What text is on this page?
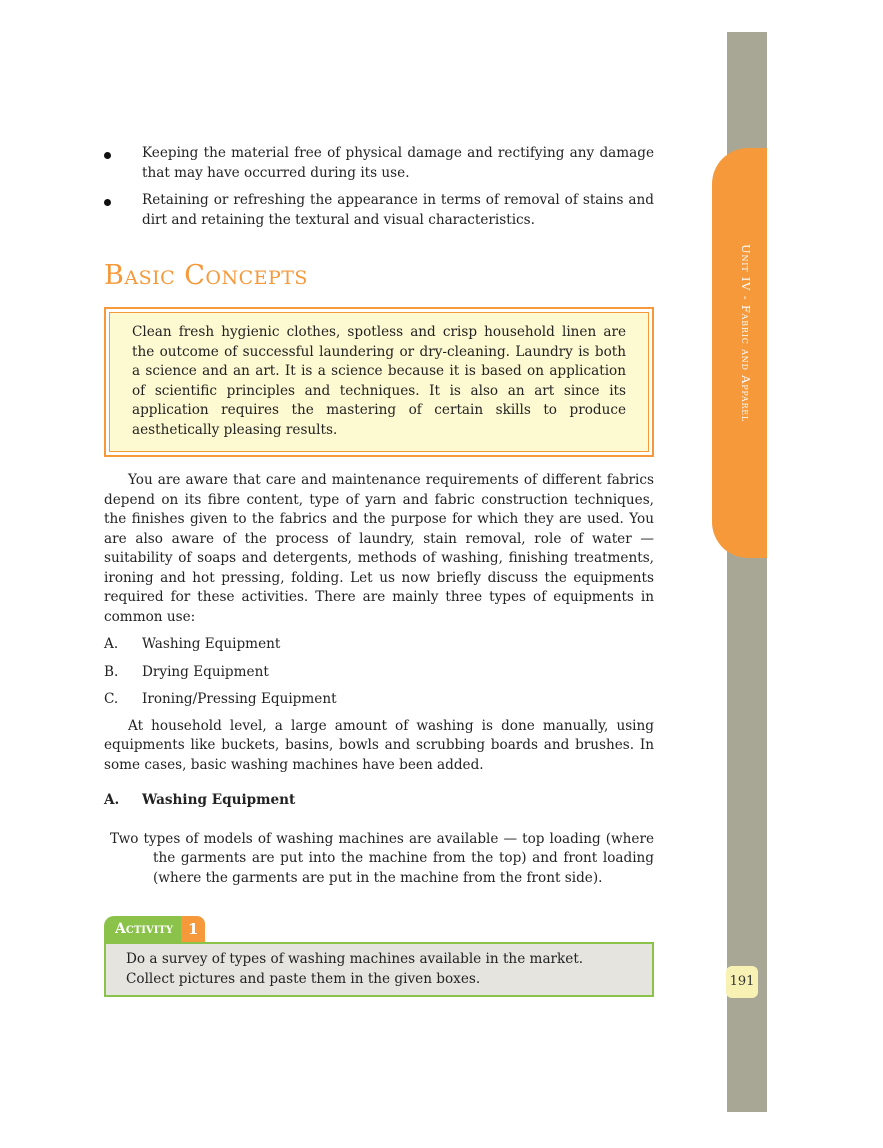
Unit IV - Fabric and Apparel
191

Keeping the material free of physical damage and rectifying any damage that may have occurred during its use.

Retaining or refreshing the appearance in terms of removal of stains and dirt and retaining the textural and visual characteristics.

Basic Concepts

Clean fresh hygienic clothes, spotless and crisp household linen are the outcome of successful laundering or dry-cleaning. Laundry is both a science and an art. It is a science because it is based on application of scientific principles and techniques. It is also an art since its application requires the mastering of certain skills to produce aesthetically pleasing results.

You are aware that care and maintenance requirements of different fabrics depend on its fibre content, type of yarn and fabric construction techniques, the finishes given to the fabrics and the purpose for which they are used. You are also aware of the process of laundry, stain removal, role of water — suitability of soaps and detergents, methods of washing, finishing treatments, ironing and hot pressing, folding. Let us now briefly discuss the equipments required for these activities. There are mainly three types of equipments in common use:

A. Washing Equipment
B. Drying Equipment
C. Ironing/Pressing Equipment

At household level, a large amount of washing is done manually, using equipments like buckets, basins, bowls and scrubbing boards and brushes. In some cases, basic washing machines have been added.

A. Washing Equipment

Two types of models of washing machines are available — top loading (where the garments are put into the machine from the top) and front loading (where the garments are put in the machine from the front side).

Activity	1

Do a survey of types of washing machines available in the market. Collect pictures and paste them in the given boxes.
